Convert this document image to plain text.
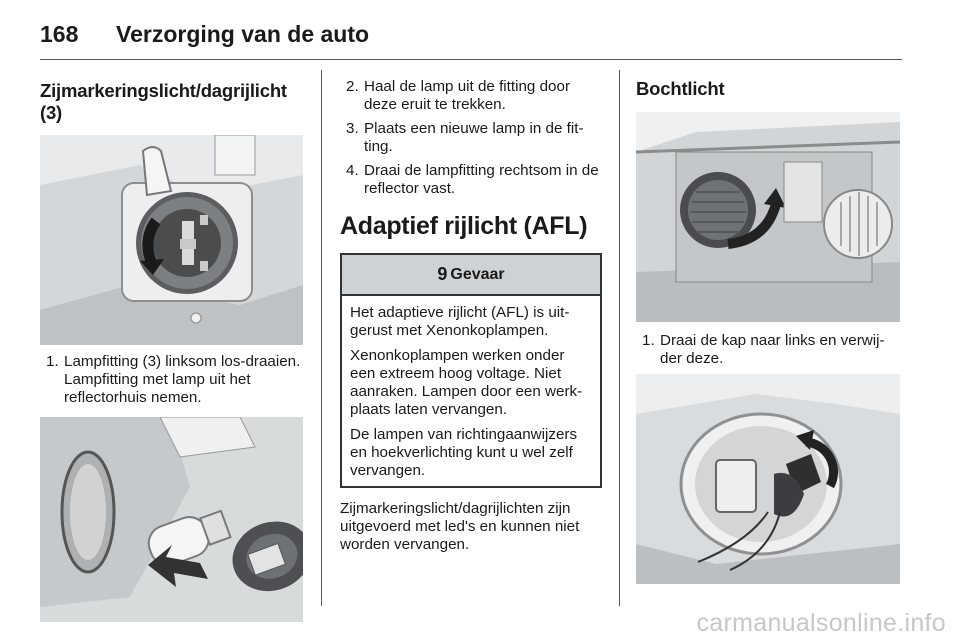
168	Verzorging van de auto
Zijmarkeringslicht/dagrijlicht (3)
1. Lampfitting (3) linksom los-draaien. Lampfitting met lamp uit het reflectorhuis nemen.
2. Haal de lamp uit de fitting door deze eruit te trekken.
3. Plaats een nieuwe lamp in de fit-ting.
4. Draai de lampfitting rechtsom in de reflector vast.
Adaptief rijlicht (AFL)
9 Gevaar

Het adaptieve rijlicht (AFL) is uit-gerust met Xenonkoplampen.

Xenonkoplampen werken onder een extreem hoog voltage. Niet aanraken. Lampen door een werk-plaats laten vervangen.

De lampen van richtingaanwijzers en hoekverlichting kunt u wel zelf vervangen.

Zijmarkeringslicht/dagrijlichten zijn uitgevoerd met led's en kunnen niet worden vervangen.

Bochtlicht
1. Draai de kap naar links en verwij-der deze.
carmanualsonline.info
